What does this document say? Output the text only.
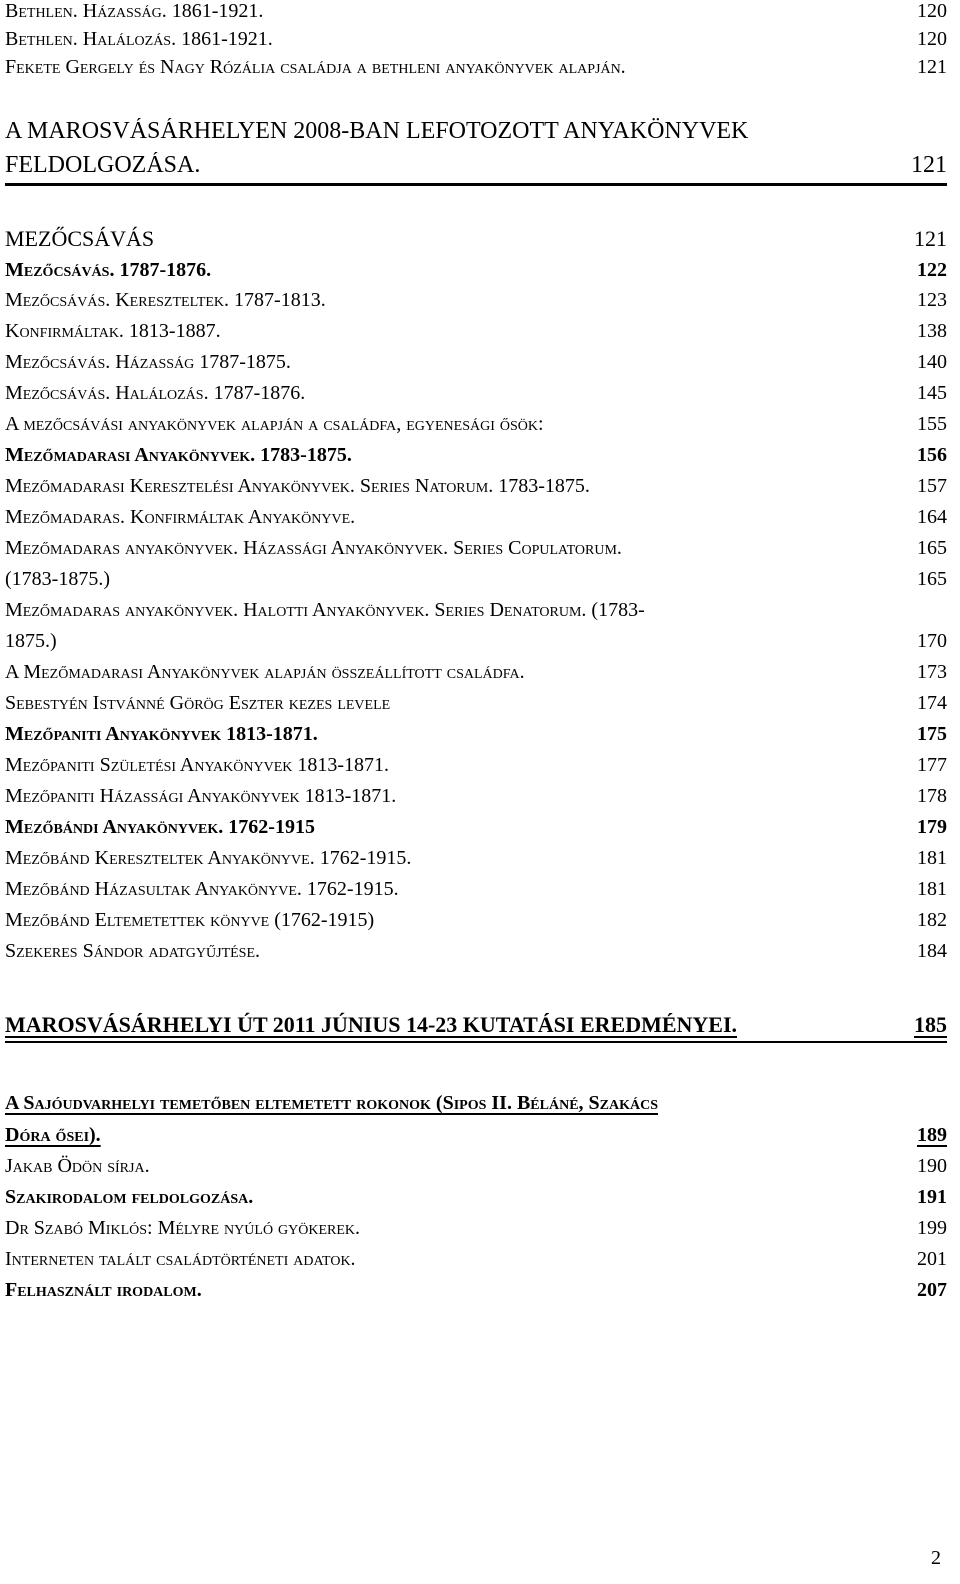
Bethlen. Házasság. 1861-1921.	120
Bethlen. Halálozás. 1861-1921.	120
Fekete Gergely és Nagy Rózália családja a bethleni anyakönyvek alapján.	121
A MAROSVÁSÁRHELYEN 2008-BAN LEFOTOZOTT ANYAKÖNYVEK
FELDOLGOZÁSA.	121
MEZŐCSÁVÁS	121
Mezőcsávás. 1787-1876.	122
Mezőcsávás. Kereszteltek. 1787-1813.	123
Konfirmáltak. 1813-1887.	138
Mezőcsávás. Házasság 1787-1875.	140
Mezőcsávás. Halálozás. 1787-1876.	145
A mezőcsávási anyakönyvek alapján a családfa, egyenesági ősök:	155
Mezőmadarasi Anyakönyvek. 1783-1875.	156
Mezőmadarasi Keresztelési Anyakönyvek. Series Natorum. 1783-1875.	157
Mezőmadaras. Konfirmáltak Anyakönyve.	164
Mezőmadaras anyakönyvek. Házassági Anyakönyvek. Series Copulatorum.	165
(1783-1875.)	165
Mezőmadaras anyakönyvek. Halotti Anyakönyvek. Series Denatorum. (1783-
1875.)	170
A Mezőmadarasi Anyakönyvek alapján összeállított családfa.	173
Sebestyén Istvánné Görög Eszter kezes levele	174
Mezőpaniti Anyakönyvek 1813-1871.	175
Mezőpaniti Születési Anyakönyvek 1813-1871.	177
Mezőpaniti Házassági Anyakönyvek 1813-1871.	178
Mezőbándi Anyakönyvek. 1762-1915	179
Mezőbánd Kereszteltek Anyakönyve. 1762-1915.	181
Mezőbánd Házasultak Anyakönyve. 1762-1915.	181
Mezőbánd Eltemetettek könyve (1762-1915)	182
Szekeres Sándor adatgyűjtése.	184
MAROSVÁSÁRHELYI ÚT 2011 JÚNIUS 14-23 KUTATÁSI EREDMÉNYEI.	185
A Sajóudvarhelyi temetőben eltemetett rokonok (Sipos II. Béláné, Szakács
Dóra ősei).	189
Jakab Ödön sírja.	190
Szakirodalom feldolgozása.	191
Dr Szabó Miklós: Mélyre nyúló gyökerek.	199
Interneten talált családtörténeti adatok.	201
Felhasznált irodalom.	207
2
